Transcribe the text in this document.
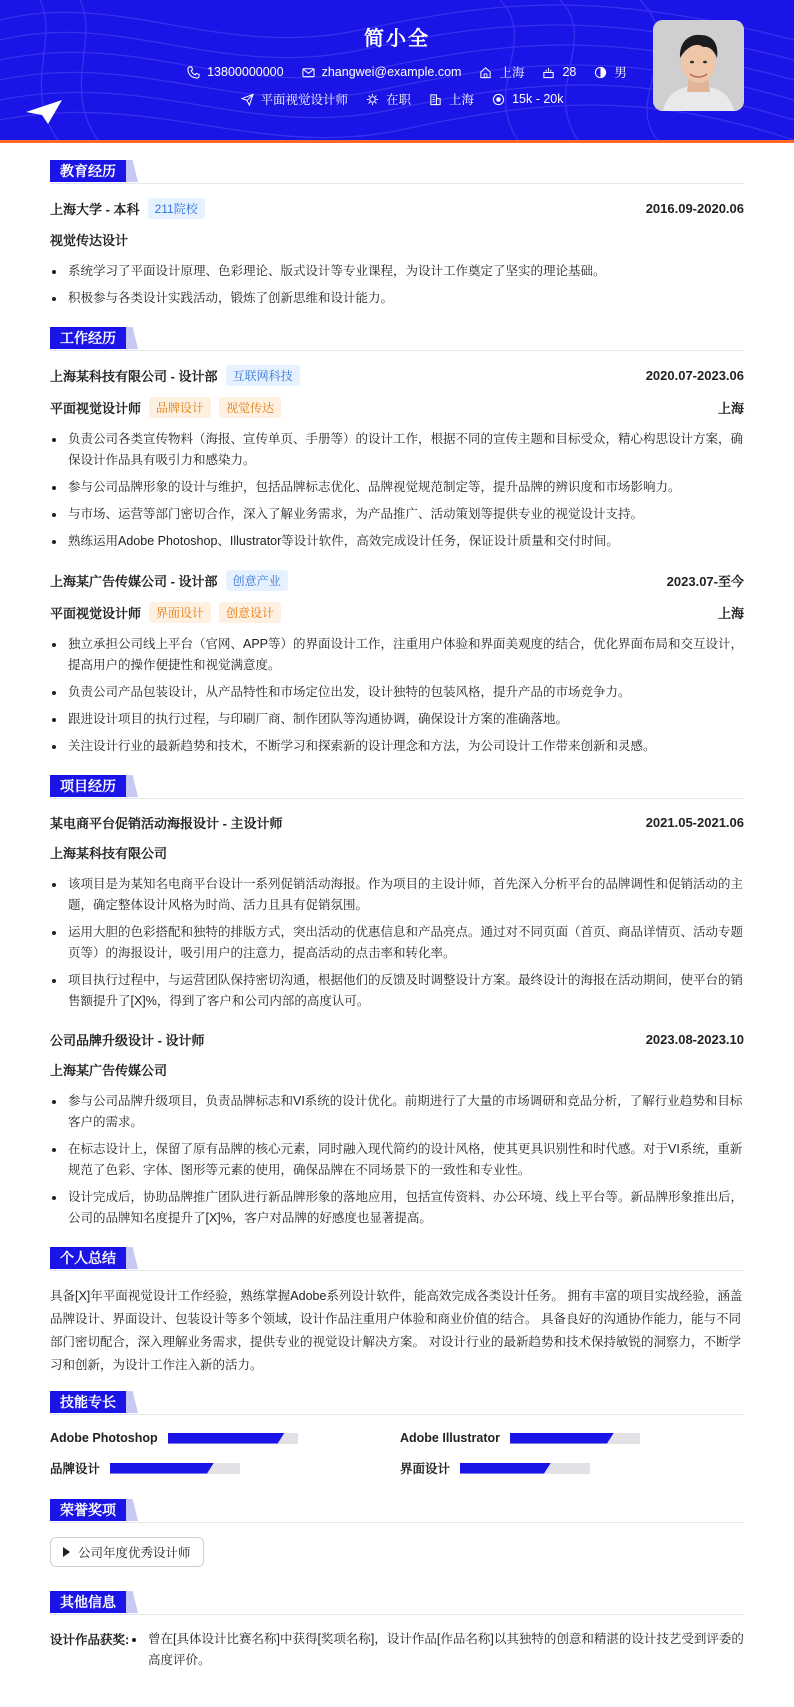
简小全
13800000000	zhangwei@example.com	上海	28	男
平面视觉设计师	在职	上海	15k - 20k
教育经历
上海大学 - 本科	211院校	2016.09-2020.06
视觉传达设计
系统学习了平面设计原理、色彩理论、版式设计等专业课程，为设计工作奠定了坚实的理论基础。
积极参与各类设计实践活动，锻炼了创新思维和设计能力。
工作经历
上海某科技有限公司 - 设计部	互联网科技	2020.07-2023.06
平面视觉设计师	品牌设计	视觉传达	上海
负责公司各类宣传物料（海报、宣传单页、手册等）的设计工作，根据不同的宣传主题和目标受众，精心构思设计方案，确保设计作品具有吸引力和感染力。
参与公司品牌形象的设计与维护，包括品牌标志优化、品牌视觉规范制定等，提升品牌的辨识度和市场影响力。
与市场、运营等部门密切合作，深入了解业务需求，为产品推广、活动策划等提供专业的视觉设计支持。
熟练运用Adobe Photoshop、Illustrator等设计软件，高效完成设计任务，保证设计质量和交付时间。
上海某广告传媒公司 - 设计部	创意产业	2023.07-至今
平面视觉设计师	界面设计	创意设计	上海
独立承担公司线上平台（官网、APP等）的界面设计工作，注重用户体验和界面美观度的结合，优化界面布局和交互设计，提高用户的操作便捷性和视觉满意度。
负责公司产品包装设计，从产品特性和市场定位出发，设计独特的包装风格，提升产品的市场竞争力。
跟进设计项目的执行过程，与印刷厂商、制作团队等沟通协调，确保设计方案的准确落地。
关注设计行业的最新趋势和技术，不断学习和探索新的设计理念和方法，为公司设计工作带来创新和灵感。
项目经历
某电商平台促销活动海报设计 - 主设计师	2021.05-2021.06
上海某科技有限公司
该项目是为某知名电商平台设计一系列促销活动海报。作为项目的主设计师，首先深入分析平台的品牌调性和促销活动的主题，确定整体设计风格为时尚、活力且具有促销氛围。
运用大胆的色彩搭配和独特的排版方式，突出活动的优惠信息和产品亮点。通过对不同页面（首页、商品详情页、活动专题页等）的海报设计，吸引用户的注意力，提高活动的点击率和转化率。
项目执行过程中，与运营团队保持密切沟通，根据他们的反馈及时调整设计方案。最终设计的海报在活动期间，使平台的销售额提升了[X]%，得到了客户和公司内部的高度认可。
公司品牌升级设计 - 设计师	2023.08-2023.10
上海某广告传媒公司
参与公司品牌升级项目，负责品牌标志和VI系统的设计优化。前期进行了大量的市场调研和竞品分析，了解行业趋势和目标客户的需求。
在标志设计上，保留了原有品牌的核心元素，同时融入现代简约的设计风格，使其更具识别性和时代感。对于VI系统，重新规范了色彩、字体、图形等元素的使用，确保品牌在不同场景下的一致性和专业性。
设计完成后，协助品牌推广团队进行新品牌形象的落地应用，包括宣传资料、办公环境、线上平台等。新品牌形象推出后，公司的品牌知名度提升了[X]%，客户对品牌的好感度也显著提高。
个人总结
具备[X]年平面视觉设计工作经验，熟练掌握Adobe系列设计软件，能高效完成各类设计任务。 拥有丰富的项目实战经验，涵盖品牌设计、界面设计、包装设计等多个领域，设计作品注重用户体验和商业价值的结合。 具备良好的沟通协作能力，能与不同部门密切配合，深入理解业务需求，提供专业的视觉设计解决方案。 对设计行业的最新趋势和技术保持敏锐的洞察力，不断学习和创新，为设计工作注入新的活力。
技能专长
Adobe Photoshop	Adobe Illustrator
品牌设计	界面设计
荣誉奖项
公司年度优秀设计师
其他信息
设计作品获奖:	曾在[具体设计比赛名称]中获得[奖项名称]，设计作品[作品名称]以其独特的创意和精湛的设计技艺受到评委的高度评价。
